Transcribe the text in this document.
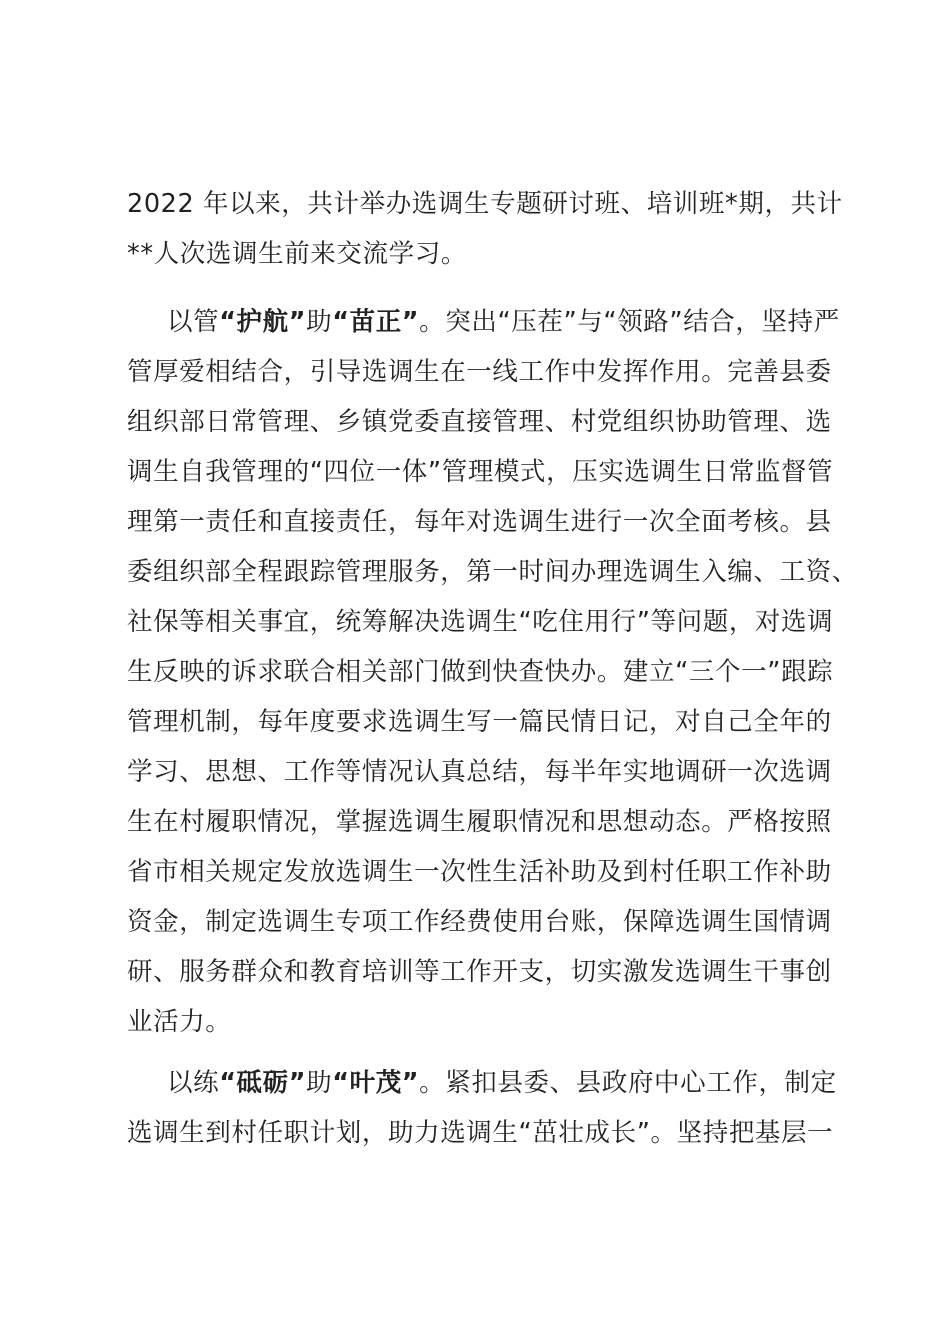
2022 年以来，共计举办选调生专题研讨班、培训班*期，共计
**人次选调生前来交流学习。
以管“护航”助“苗正”。突出“压茬”与“领路”结合，坚持严
管厚爱相结合，引导选调生在一线工作中发挥作用。完善县委
组织部日常管理、乡镇党委直接管理、村党组织协助管理、选
调生自我管理的“四位一体”管理模式，压实选调生日常监督管
理第一责任和直接责任，每年对选调生进行一次全面考核。县
委组织部全程跟踪管理服务，第一时间办理选调生入编、工资、
社保等相关事宜，统筹解决选调生“吃住用行”等问题，对选调
生反映的诉求联合相关部门做到快查快办。建立“三个一”跟踪
管理机制，每年度要求选调生写一篇民情日记，对自己全年的
学习、思想、工作等情况认真总结，每半年实地调研一次选调
生在村履职情况，掌握选调生履职情况和思想动态。严格按照
省市相关规定发放选调生一次性生活补助及到村任职工作补助
资金，制定选调生专项工作经费使用台账，保障选调生国情调
研、服务群众和教育培训等工作开支，切实激发选调生干事创
业活力。
以练“砥砺”助“叶茂”。紧扣县委、县政府中心工作，制定
选调生到村任职计划，助力选调生“茁壮成长”。坚持把基层一
